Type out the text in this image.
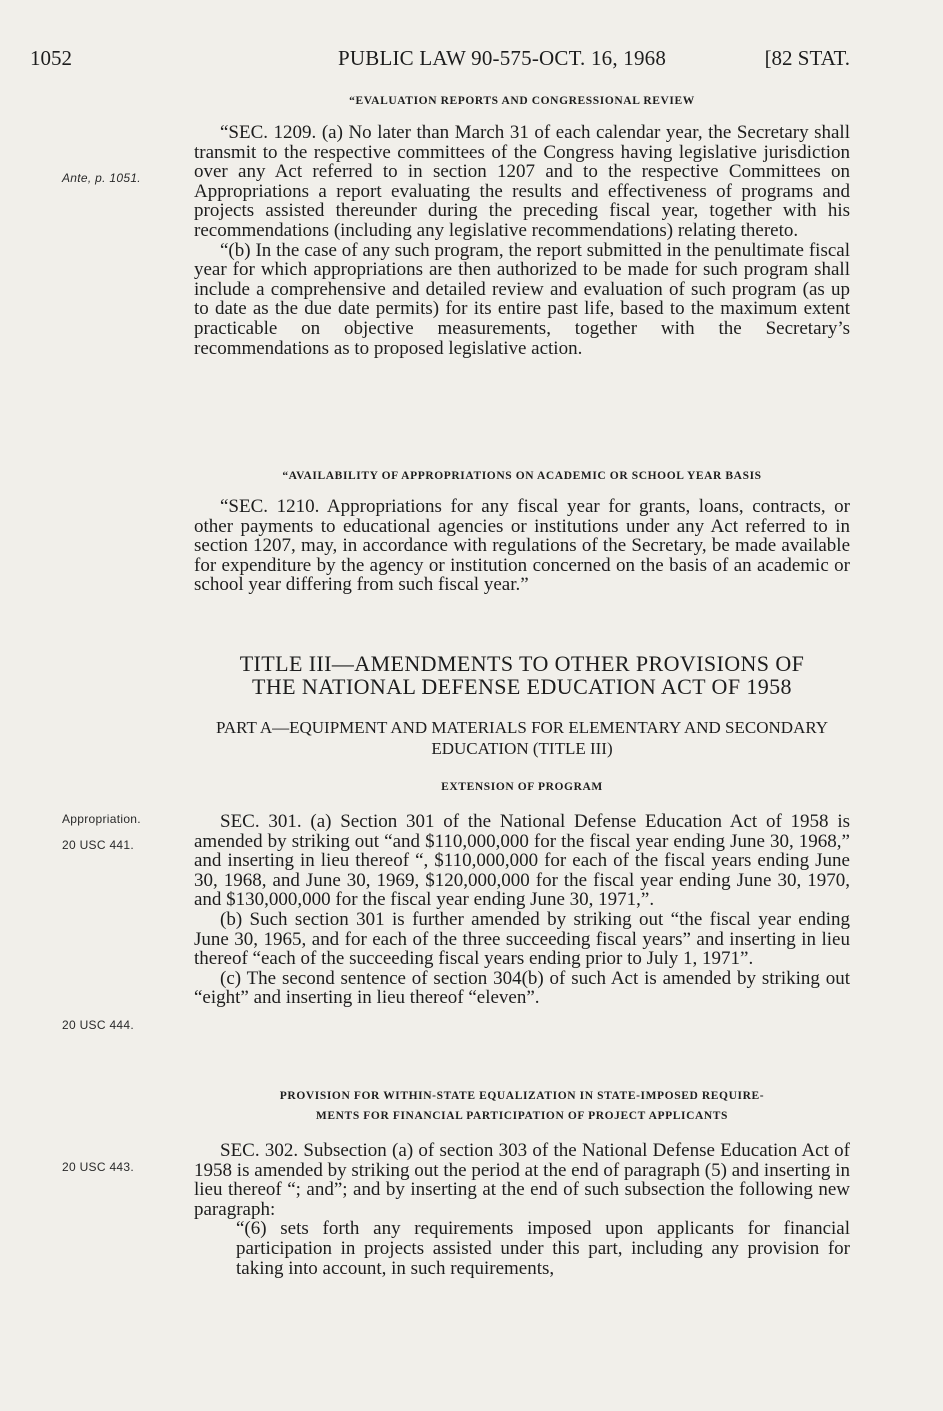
1052	PUBLIC LAW 90-575-OCT. 16, 1968	[82 STAT.
“EVALUATION REPORTS AND CONGRESSIONAL REVIEW

“SEC. 1209. (a) No later than March 31 of each calendar year, the Secretary shall transmit to the respective committees of the Congress having legislative jurisdiction over any Act referred to in section 1207 and to the respective Committees on Appropriations a report evaluating the results and effectiveness of programs and projects assisted thereunder during the preceding fiscal year, together with his recommendations (including any legislative recommendations) relating thereto.

“(b) In the case of any such program, the report submitted in the penultimate fiscal year for which appropriations are then authorized to be made for such program shall include a comprehensive and detailed review and evaluation of such program (as up to date as the due date permits) for its entire past life, based to the maximum extent practicable on objective measurements, together with the Secretary’s recommendations as to proposed legislative action.

Ante, p. 1051.
“AVAILABILITY OF APPROPRIATIONS ON ACADEMIC OR SCHOOL YEAR BASIS

“SEC. 1210. Appropriations for any fiscal year for grants, loans, contracts, or other payments to educational agencies or institutions under any Act referred to in section 1207, may, in accordance with regulations of the Secretary, be made available for expenditure by the agency or institution concerned on the basis of an academic or school year differing from such fiscal year.”

TITLE III—AMENDMENTS TO OTHER PROVISIONS OF
THE NATIONAL DEFENSE EDUCATION ACT OF 1958
PART A—EQUIPMENT AND MATERIALS FOR ELEMENTARY AND SECONDARY
EDUCATION (TITLE III)
EXTENSION OF PROGRAM

SEC. 301. (a) Section 301 of the National Defense Education Act of 1958 is amended by striking out “and $110,000,000 for the fiscal year ending June 30, 1968,” and inserting in lieu thereof “, $110,000,000 for each of the fiscal years ending June 30, 1968, and June 30, 1969, $120,000,000 for the fiscal year ending June 30, 1970, and $130,000,000 for the fiscal year ending June 30, 1971,”.

(b) Such section 301 is further amended by striking out “the fiscal year ending June 30, 1965, and for each of the three succeeding fiscal years” and inserting in lieu thereof “each of the succeeding fiscal years ending prior to July 1, 1971”.

(c) The second sentence of section 304(b) of such Act is amended by striking out “eight” and inserting in lieu thereof “eleven”.

Appropriation.
20 USC 441.
20 USC 444.
PROVISION FOR WITHIN-STATE EQUALIZATION IN STATE-IMPOSED REQUIRE-
MENTS FOR FINANCIAL PARTICIPATION OF PROJECT APPLICANTS

SEC. 302. Subsection (a) of section 303 of the National Defense Education Act of 1958 is amended by striking out the period at the end of paragraph (5) and inserting in lieu thereof “; and”; and by inserting at the end of such subsection the following new paragraph:

“(6) sets forth any requirements imposed upon applicants for financial participation in projects assisted under this part, including any provision for taking into account, in such requirements,

20 USC 443.
